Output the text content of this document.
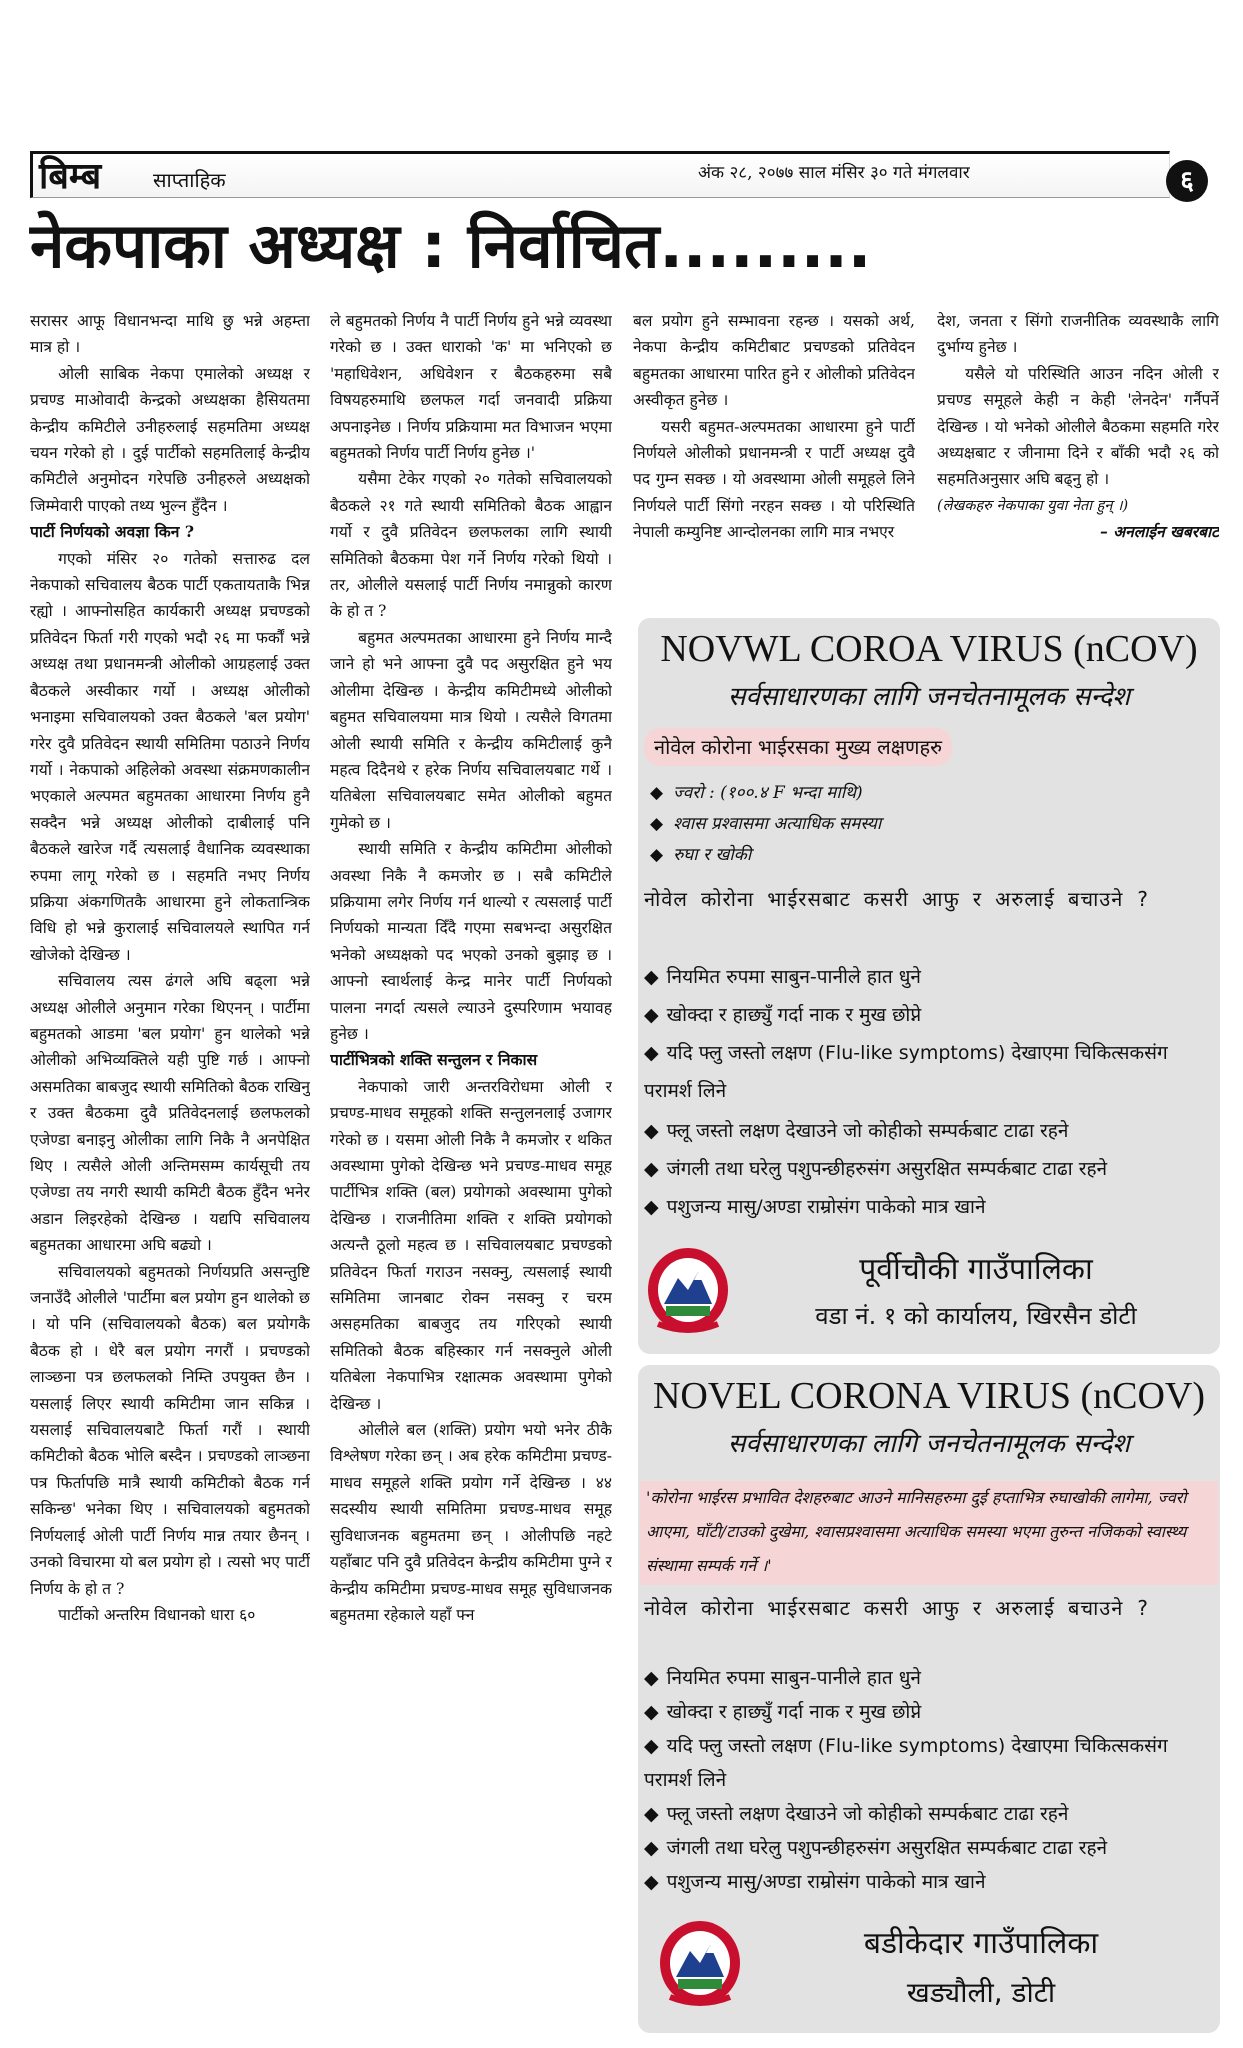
बिम्ब	साप्ताहिक	अंक २८, २०७७ साल मंसिर ३० गते मंगलवार	६
नेकपाका अध्यक्ष : निर्वाचित.........

सरासर आफू विधानभन्दा माथि छु भन्ने अहम्ता मात्र हो ।

ओली साबिक नेकपा एमालेको अध्यक्ष र प्रचण्ड माओवादी केन्द्रको अध्यक्षका हैसियतमा केन्द्रीय कमिटीले उनीहरुलाई सहमतिमा अध्यक्ष चयन गरेको हो । दुई पार्टीको सहमतिलाई केन्द्रीय कमिटीले अनुमोदन गरेपछि उनीहरुले अध्यक्षको जिम्मेवारी पाएको तथ्य भुल्न हुँदैन ।

पार्टी निर्णयको अवज्ञा किन ?

गएको मंसिर २० गतेको सत्तारुढ दल नेकपाको सचिवालय बैठक पार्टी एकतायताकै भिन्न रह्यो । आफ्नोसहित कार्यकारी अध्यक्ष प्रचण्डको प्रतिवेदन फिर्ता गरी गएको भदौ २६ मा फर्कौं भन्ने अध्यक्ष तथा प्रधानमन्त्री ओलीको आग्रहलाई उक्त बैठकले अस्वीकार गर्यो । अध्यक्ष ओलीको भनाइमा सचिवालयको उक्त बैठकले 'बल प्रयोग' गरेर दुवै प्रतिवेदन स्थायी समितिमा पठाउने निर्णय गर्यो । नेकपाको अहिलेको अवस्था संक्रमणकालीन भएकाले अल्पमत बहुमतका आधारमा निर्णय हुनै सक्दैन भन्ने अध्यक्ष ओलीको दाबीलाई पनि बैठकले खारेज गर्दै त्यसलाई वैधानिक व्यवस्थाका रुपमा लागू गरेको छ । सहमति नभए निर्णय प्रक्रिया अंकगणितकै आधारमा हुने लोकतान्त्रिक विधि हो भन्ने कुरालाई सचिवालयले स्थापित गर्न खोजेको देखिन्छ ।

सचिवालय त्यस ढंगले अघि बढ्ला भन्ने अध्यक्ष ओलीले अनुमान गरेका थिएनन् । पार्टीमा बहुमतको आडमा 'बल प्रयोग' हुन थालेको भन्ने ओलीको अभिव्यक्तिले यही पुष्टि गर्छ । आफ्नो असमतिका बाबजुद स्थायी समितिको बैठक राखिनु र उक्त बैठकमा दुवै प्रतिवेदनलाई छलफलको एजेण्डा बनाइनु ओलीका लागि निकै नै अनपेक्षित थिए । त्यसैले ओली अन्तिमसम्म कार्यसूची तय एजेण्डा तय नगरी स्थायी कमिटी बैठक हुँदैन भनेर अडान लिइरहेको देखिन्छ । यद्यपि सचिवालय बहुमतका आधारमा अघि बढ्यो ।

सचिवालयको बहुमतको निर्णयप्रति असन्तुष्टि जनाउँदै ओलीले 'पार्टीमा बल प्रयोग हुन थालेको छ । यो पनि (सचिवालयको बैठक) बल प्रयोगकै बैठक हो । धेरै बल प्रयोग नगरौं । प्रचण्डको लाञ्छना पत्र छलफलको निम्ति उपयुक्त छैन । यसलाई लिएर स्थायी कमिटीमा जान सकिन्न । यसलाई सचिवालयबाटै फिर्ता गरौं । स्थायी कमिटीको बैठक भोलि बस्दैन । प्रचण्डको लाञ्छना पत्र फिर्तापछि मात्रै स्थायी कमिटीको बैठक गर्न सकिन्छ' भनेका थिए । सचिवालयको बहुमतको निर्णयलाई ओली पार्टी निर्णय मान्न तयार छैनन् । उनको विचारमा यो बल प्रयोग हो । त्यसो भए पार्टी निर्णय के हो त ?

पार्टीको अन्तरिम विधानको धारा ६०

ले बहुमतको निर्णय नै पार्टी निर्णय हुने भन्ने व्यवस्था गरेको छ । उक्त धाराको 'क' मा भनिएको छ 'महाधिवेशन, अधिवेशन र बैठकहरुमा सबै विषयहरुमाथि छलफल गर्दा जनवादी प्रक्रिया अपनाइनेछ । निर्णय प्रक्रियामा मत विभाजन भएमा बहुमतको निर्णय पार्टी निर्णय हुनेछ ।'

यसैमा टेकेर गएको २० गतेको सचिवालयको बैठकले २१ गते स्थायी समितिको बैठक आह्वान गर्यो र दुवै प्रतिवेदन छलफलका लागि स्थायी समितिको बैठकमा पेश गर्ने निर्णय गरेको थियो । तर, ओलीले यसलाई पार्टी निर्णय नमान्नुको कारण के हो त ?

बहुमत अल्पमतका आधारमा हुने निर्णय मान्दै जाने हो भने आफ्ना दुवै पद असुरक्षित हुने भय ओलीमा देखिन्छ । केन्द्रीय कमिटीमध्ये ओलीको बहुमत सचिवालयमा मात्र थियो । त्यसैले विगतमा ओली स्थायी समिति र केन्द्रीय कमिटीलाई कुनै महत्व दिदैनथे र हरेक निर्णय सचिवालयबाट गर्थे । यतिबेला सचिवालयबाट समेत ओलीको बहुमत गुमेको छ ।

स्थायी समिति र केन्द्रीय कमिटीमा ओलीको अवस्था निकै नै कमजोर छ । सबै कमिटीले प्रक्रियामा लगेर निर्णय गर्न थाल्यो र त्यसलाई पार्टी निर्णयको मान्यता दिँदै गएमा सबभन्दा असुरक्षित भनेको अध्यक्षको पद भएको उनको बुझाइ छ । आफ्नो स्वार्थलाई केन्द्र मानेर पार्टी निर्णयको पालना नगर्दा त्यसले ल्याउने दुस्परिणाम भयावह हुनेछ ।

पार्टीभित्रको शक्ति सन्तुलन र निकास

नेकपाको जारी अन्तरविरोधमा ओली र प्रचण्ड-माधव समूहको शक्ति सन्तुलनलाई उजागर गरेको छ । यसमा ओली निकै नै कमजोर र थकित अवस्थामा पुगेको देखिन्छ भने प्रचण्ड-माधव समूह पार्टीभित्र शक्ति (बल) प्रयोगको अवस्थामा पुगेको देखिन्छ । राजनीतिमा शक्ति र शक्ति प्रयोगको अत्यन्तै ठूलो महत्व छ । सचिवालयबाट प्रचण्डको प्रतिवेदन फिर्ता गराउन नसक्नु, त्यसलाई स्थायी समितिमा जानबाट रोक्न नसक्नु र चरम असहमतिका बाबजुद तय गरिएको स्थायी समितिको बैठक बहिस्कार गर्न नसक्नुले ओली यतिबेला नेकपाभित्र रक्षात्मक अवस्थामा पुगेको देखिन्छ ।

ओलीले बल (शक्ति) प्रयोग भयो भनेर ठीकै विश्लेषण गरेका छन् । अब हरेक कमिटीमा प्रचण्ड-माधव समूहले शक्ति प्रयोग गर्ने देखिन्छ । ४४ सदस्यीय स्थायी समितिमा प्रचण्ड-माधव समूह सुविधाजनक बहुमतमा छन् । ओलीपछि नहटे यहाँबाट पनि दुवै प्रतिवेदन केन्द्रीय कमिटीमा पुग्ने र केन्द्रीय कमिटीमा प्रचण्ड-माधव समूह सुविधाजनक बहुमतमा रहेकाले यहाँ फ्न

बल प्रयोग हुने सम्भावना रहन्छ । यसको अर्थ, नेकपा केन्द्रीय कमिटीबाट प्रचण्डको प्रतिवेदन बहुमतका आधारमा पारित हुने र ओलीको प्रतिवेदन अस्वीकृत हुनेछ ।

यसरी बहुमत-अल्पमतका आधारमा हुने पार्टी निर्णयले ओलीको प्रधानमन्त्री र पार्टी अध्यक्ष दुवै पद गुम्न सक्छ । यो अवस्थामा ओली समूहले लिने निर्णयले पार्टी सिंगो नरहन सक्छ । यो परिस्थिति नेपाली कम्युनिष्ट आन्दोलनका लागि मात्र नभएर

देश, जनता र सिंगो राजनीतिक व्यवस्थाकै लागि दुर्भाग्य हुनेछ ।

यसैले यो परिस्थिति आउन नदिन ओली र प्रचण्ड समूहले केही न केही 'लेनदेन' गर्नैपर्ने देखिन्छ । यो भनेको ओलीले बैठकमा सहमति गरेर अध्यक्षबाट र जीनामा दिने र बाँकी भदौ २६ को सहमतिअनुसार अघि बढ्नु हो ।

(लेखकहरु नेकपाका युवा नेता हुन् ।)

– अनलाईन खबरबाट

NOVWL COROA VIRUS (nCOV)
सर्वसाधारणका लागि जनचेतनामूलक सन्देश
नोवेल कोरोना भाईरसका मुख्य लक्षणहरु
◆ ज्वरो : (१००.४ F भन्दा माथि)
◆ श्वास प्रश्वासमा अत्याधिक समस्या
◆ रुघा र खोकी
नोवेल कोरोना भाईरसबाट कसरी आफु र अरुलाई बचाउने ?
◆ नियमित रुपमा साबुन-पानीले हात धुने
◆ खोक्दा र हाछ्युँ गर्दा नाक र मुख छोप्ने
◆ यदि फ्लु जस्तो लक्षण (Flu-like symptoms) देखाएमा चिकित्सकसंग परामर्श लिने
◆ फ्लू जस्तो लक्षण देखाउने जो कोहीको सम्पर्कबाट टाढा रहने
◆ जंगली तथा घरेलु पशुपन्छीहरुसंग असुरक्षित सम्पर्कबाट टाढा रहने
◆ पशुजन्य मासु/अण्डा राम्रोसंग पाकेको मात्र खाने
पूर्वीचौकी गाउँपालिका
वडा नं. १ को कार्यालय, खिरसैन डोटी
NOVEL CORONA VIRUS (nCOV)
सर्वसाधारणका लागि जनचेतनामूलक सन्देश
'कोरोना भाईरस प्रभावित देशहरुबाट आउने मानिसहरुमा दुई हप्ताभित्र रुघाखोकी लागेमा, ज्वरो आएमा, घाँटी/टाउको दुखेमा, श्वासप्रश्वासमा अत्याधिक समस्या भएमा तुरुन्त नजिकको स्वास्थ्य संस्थामा सम्पर्क गर्ने ।'
नोवेल कोरोना भाईरसबाट कसरी आफु र अरुलाई बचाउने ?
◆ नियमित रुपमा साबुन-पानीले हात धुने
◆ खोक्दा र हाछ्युँ गर्दा नाक र मुख छोप्ने
◆ यदि फ्लु जस्तो लक्षण (Flu-like symptoms) देखाएमा चिकित्सकसंग परामर्श लिने
◆ फ्लू जस्तो लक्षण देखाउने जो कोहीको सम्पर्कबाट टाढा रहने
◆ जंगली तथा घरेलु पशुपन्छीहरुसंग असुरक्षित सम्पर्कबाट टाढा रहने
◆ पशुजन्य मासु/अण्डा राम्रोसंग पाकेको मात्र खाने
बडीकेदार गाउँपालिका
खड्यौली, डोटी
